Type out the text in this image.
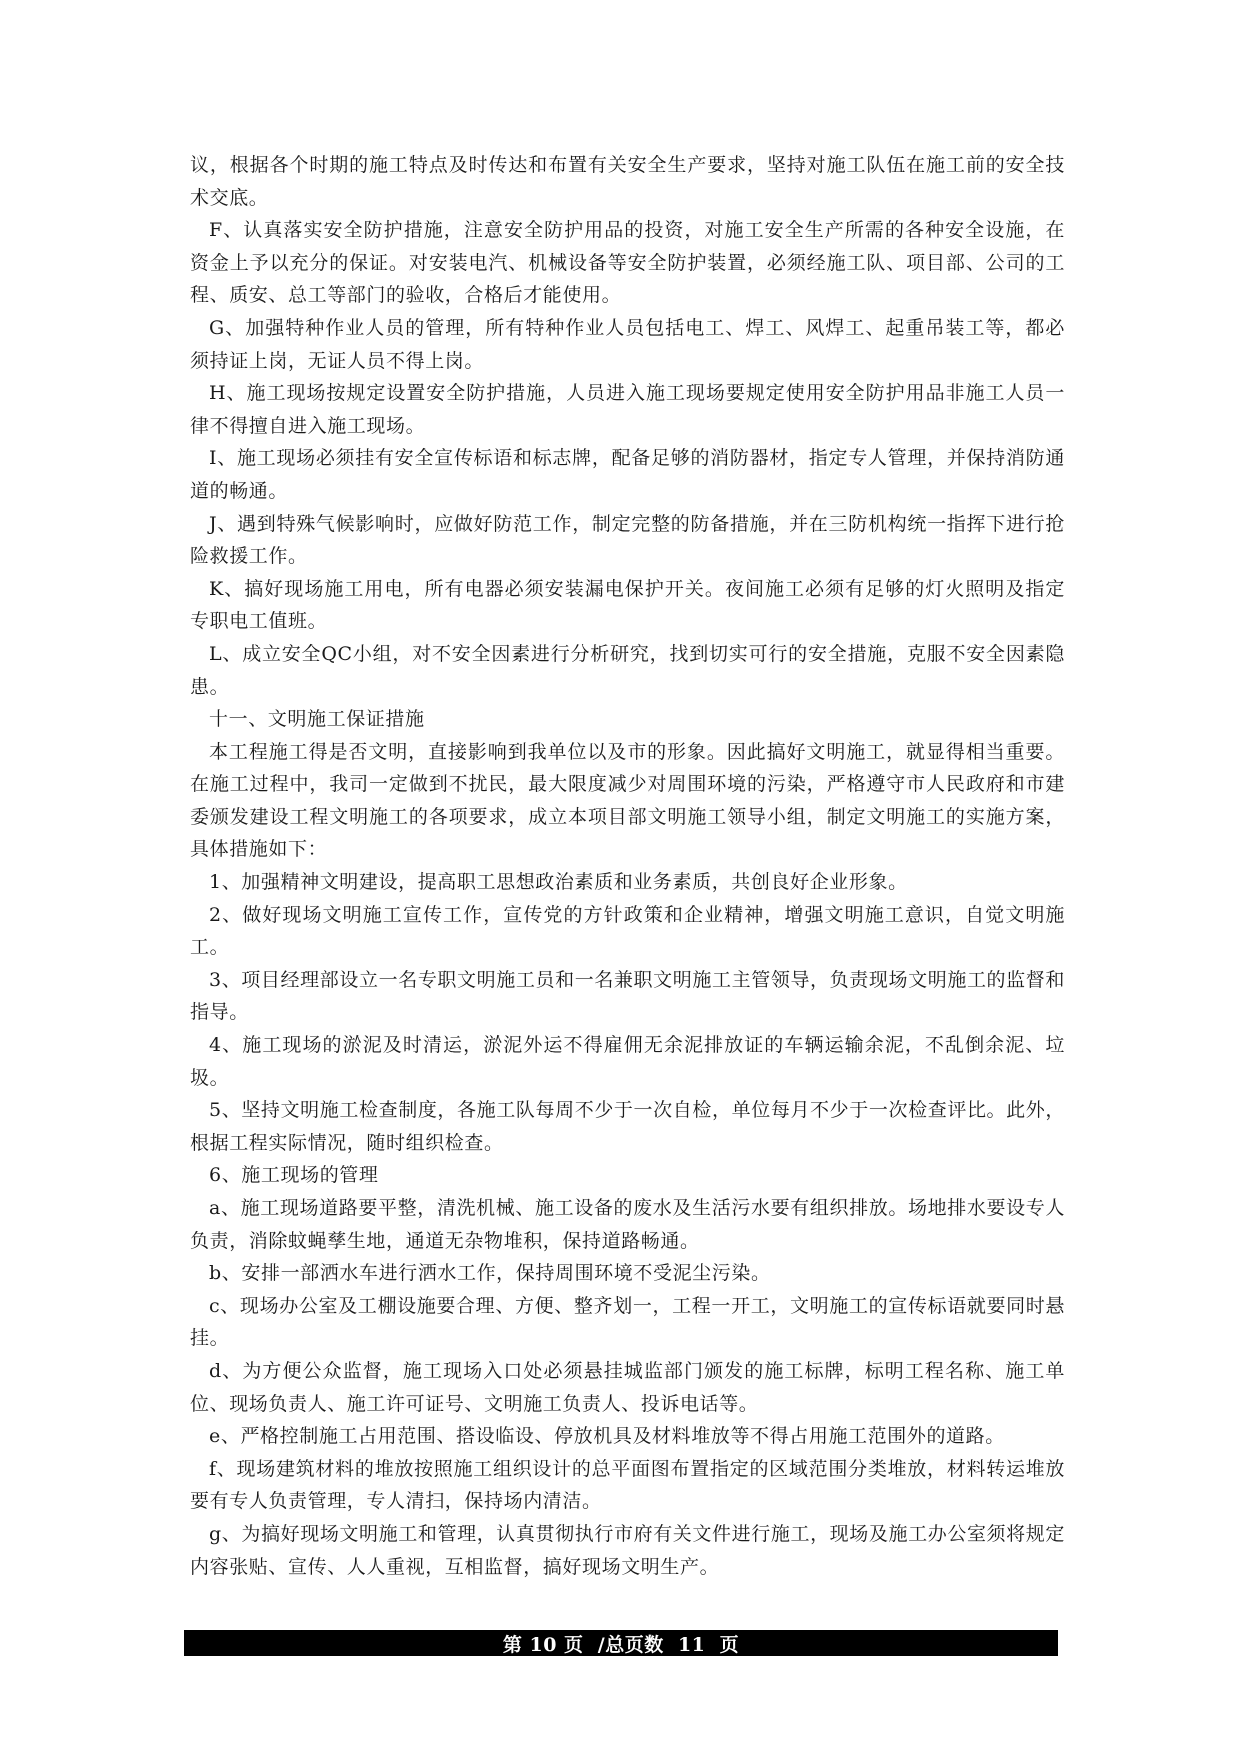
议，根据各个时期的施工特点及时传达和布置有关安全生产要求，坚持对施工队伍在施工前的安全技术交底。

F、认真落实安全防护措施，注意安全防护用品的投资，对施工安全生产所需的各种安全设施，在资金上予以充分的保证。对安装电汽、机械设备等安全防护装置，必须经施工队、项目部、公司的工程、质安、总工等部门的验收，合格后才能使用。

G、加强特种作业人员的管理，所有特种作业人员包括电工、焊工、风焊工、起重吊装工等，都必须持证上岗，无证人员不得上岗。

H、施工现场按规定设置安全防护措施，人员进入施工现场要规定使用安全防护用品非施工人员一律不得擅自进入施工现场。

I、施工现场必须挂有安全宣传标语和标志牌，配备足够的消防器材，指定专人管理，并保持消防通道的畅通。

J、遇到特殊气候影响时，应做好防范工作，制定完整的防备措施，并在三防机构统一指挥下进行抢险救援工作。

K、搞好现场施工用电，所有电器必须安装漏电保护开关。夜间施工必须有足够的灯火照明及指定专职电工值班。

L、成立安全QC小组，对不安全因素进行分析研究，找到切实可行的安全措施，克服不安全因素隐患。

十一、文明施工保证措施

本工程施工得是否文明，直接影响到我单位以及市的形象。因此搞好文明施工，就显得相当重要。在施工过程中，我司一定做到不扰民，最大限度减少对周围环境的污染，严格遵守市人民政府和市建委颁发建设工程文明施工的各项要求，成立本项目部文明施工领导小组，制定文明施工的实施方案，具体措施如下：

1、加强精神文明建设，提高职工思想政治素质和业务素质，共创良好企业形象。

2、做好现场文明施工宣传工作，宣传党的方针政策和企业精神，增强文明施工意识，自觉文明施工。

3、项目经理部设立一名专职文明施工员和一名兼职文明施工主管领导，负责现场文明施工的监督和指导。

4、施工现场的淤泥及时清运，淤泥外运不得雇佣无余泥排放证的车辆运输余泥，不乱倒余泥、垃圾。

5、坚持文明施工检查制度，各施工队每周不少于一次自检，单位每月不少于一次检查评比。此外，根据工程实际情况，随时组织检查。

6、施工现场的管理

a、施工现场道路要平整，清洗机械、施工设备的废水及生活污水要有组织排放。场地排水要设专人负责，消除蚊蝇孳生地，通道无杂物堆积，保持道路畅通。

b、安排一部洒水车进行洒水工作，保持周围环境不受泥尘污染。

c、现场办公室及工棚设施要合理、方便、整齐划一，工程一开工，文明施工的宣传标语就要同时悬挂。

d、为方便公众监督，施工现场入口处必须悬挂城监部门颁发的施工标牌，标明工程名称、施工单位、现场负责人、施工许可证号、文明施工负责人、投诉电话等。

e、严格控制施工占用范围、搭设临设、停放机具及材料堆放等不得占用施工范围外的道路。

f、现场建筑材料的堆放按照施工组织设计的总平面图布置指定的区域范围分类堆放，材料转运堆放要有专人负责管理，专人清扫，保持场内清洁。

g、为搞好现场文明施工和管理，认真贯彻执行市府有关文件进行施工，现场及施工办公室须将规定内容张贴、宣传、人人重视，互相监督，搞好现场文明生产。

第 10 页  /总页数  11  页
